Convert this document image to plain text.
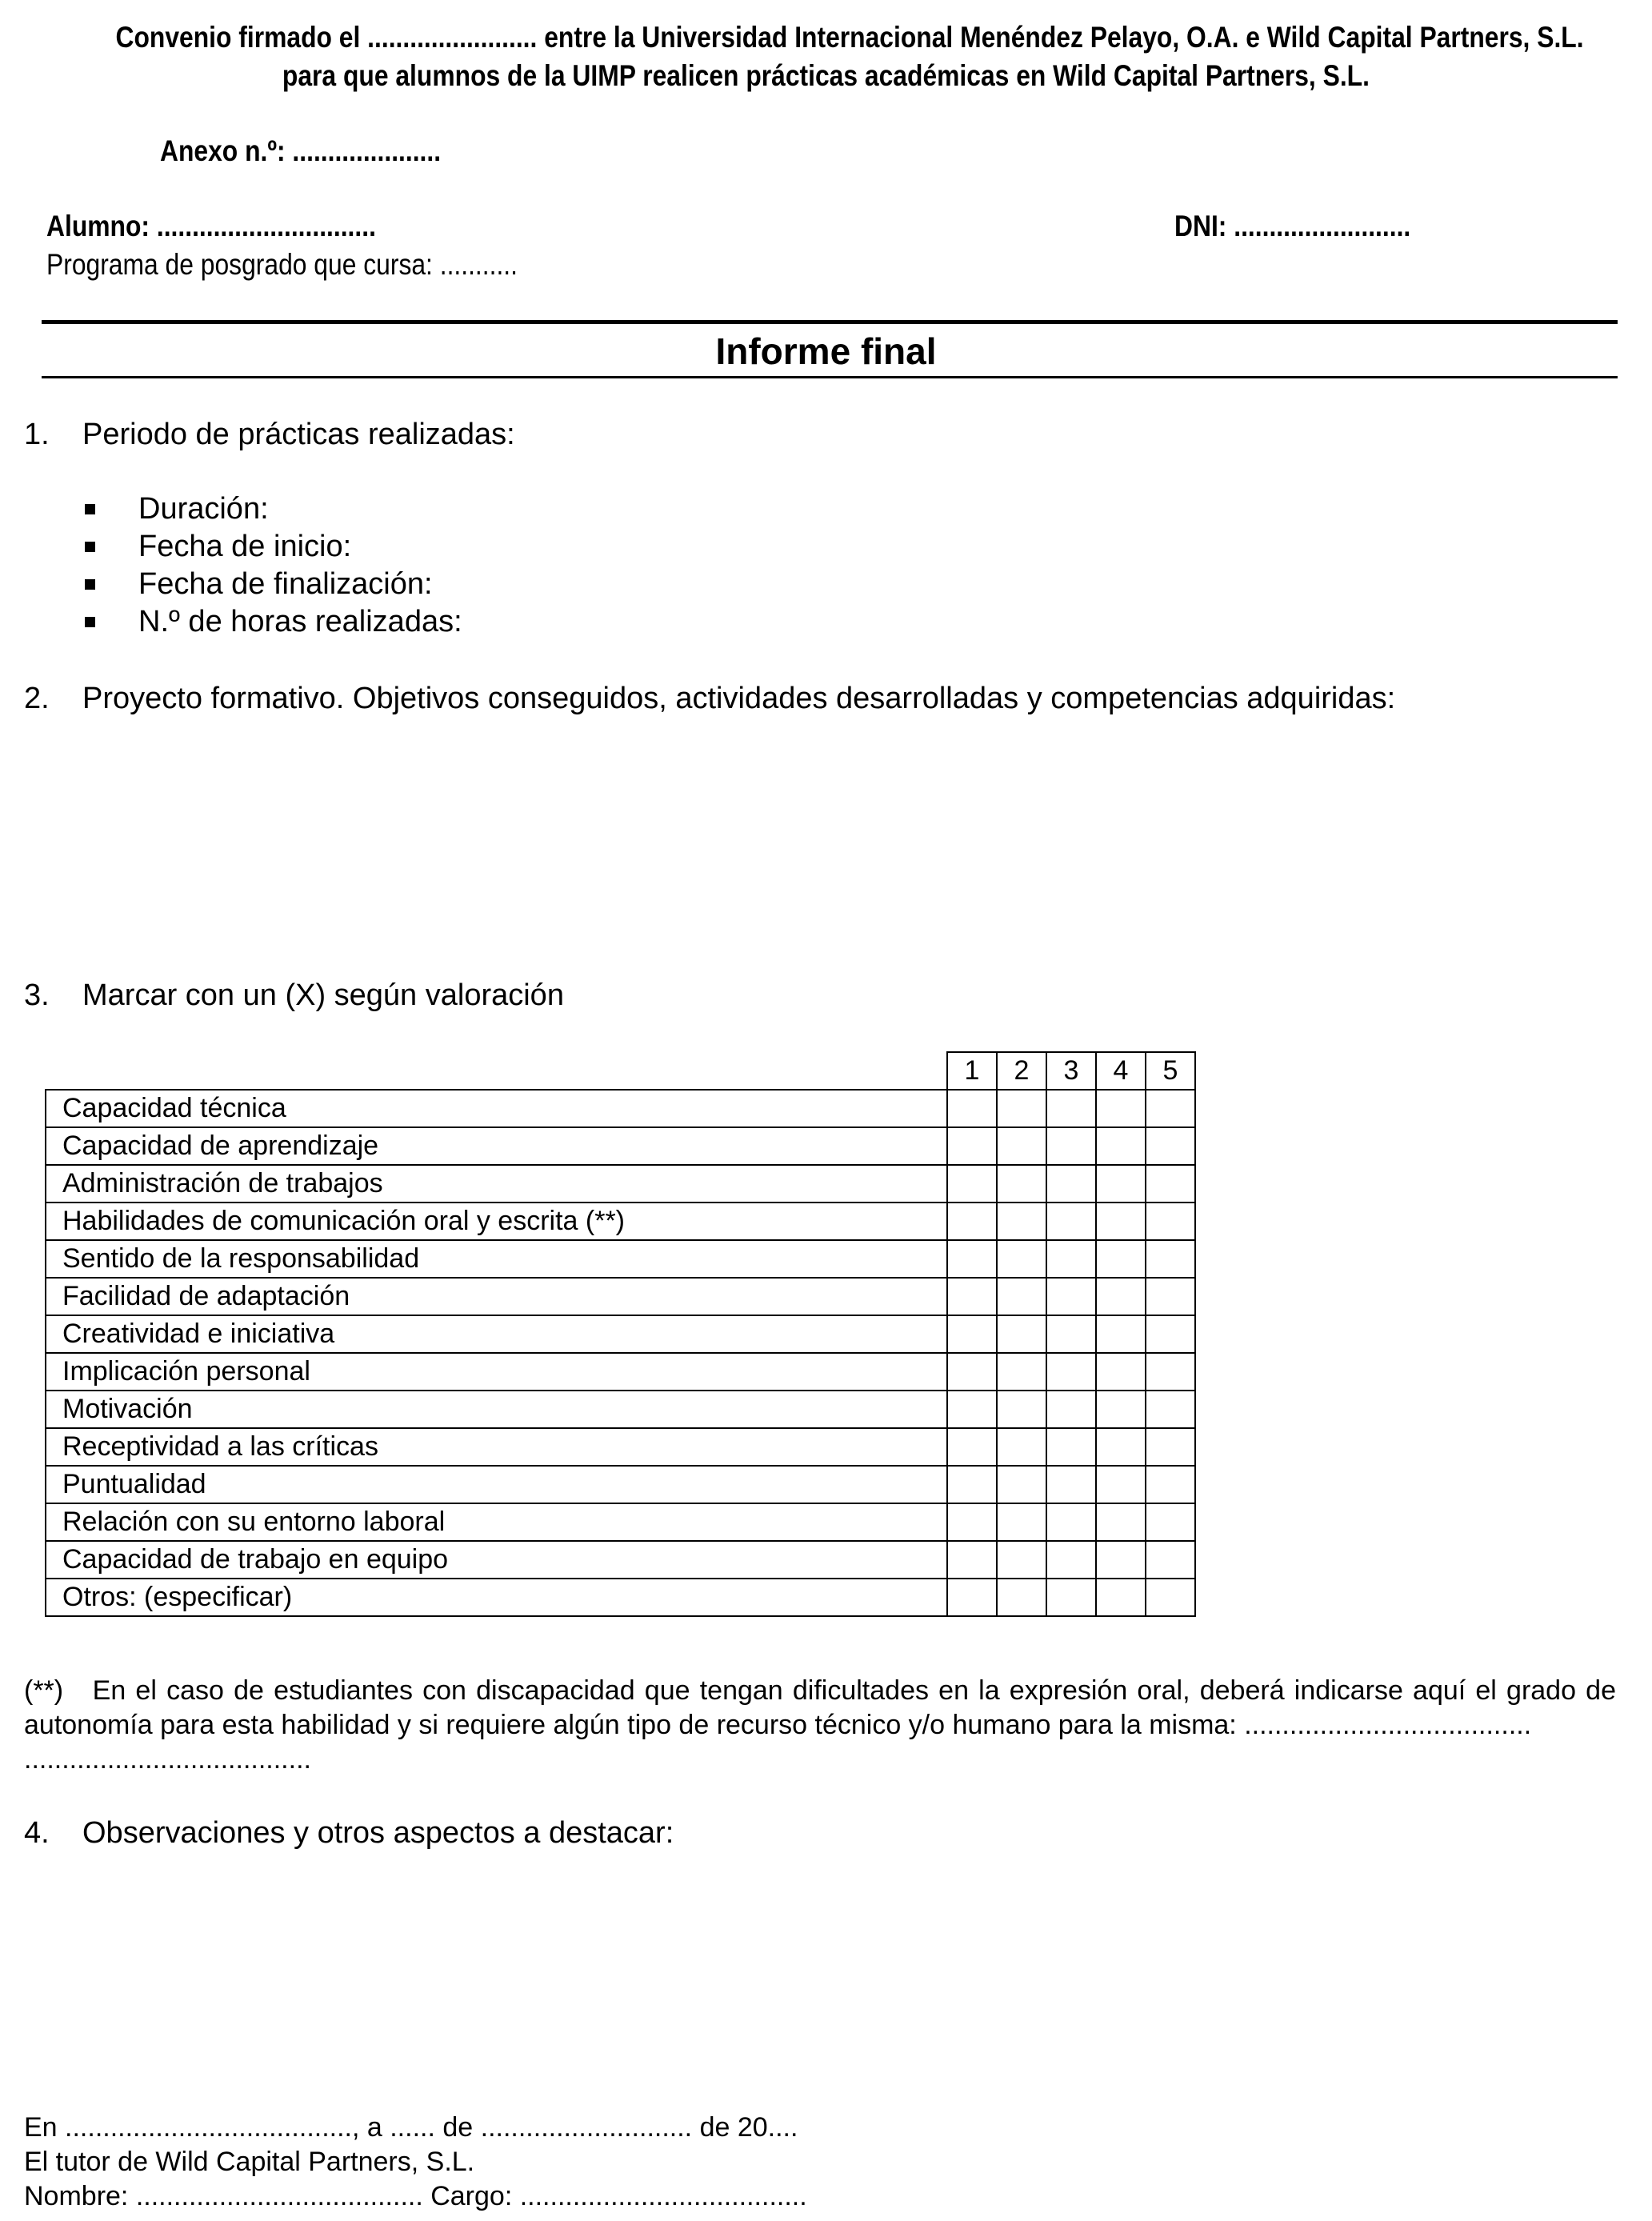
Convenio firmado el ........................ entre la Universidad Internacional Menéndez Pelayo, O.A. e Wild Capital Partners, S.L.
para que alumnos de la UIMP realicen prácticas académicas en Wild Capital Partners, S.L.
Anexo n.º: .....................
Alumno: ...............................	DNI: .........................
Programa de posgrado que cursa: ...........
Informe final
1. Periodo de prácticas realizadas:
Duración:
Fecha de inicio:
Fecha de finalización:
N.º de horas realizadas:
2. Proyecto formativo. Objetivos conseguidos, actividades desarrolladas y competencias adquiridas:
3. Marcar con un (X) según valoración
	1	2	3	4	5
Capacidad técnica					
Capacidad de aprendizaje					
Administración de trabajos					
Habilidades de comunicación oral y escrita (**)					
Sentido de la responsabilidad					
Facilidad de adaptación					
Creatividad e iniciativa					
Implicación personal					
Motivación					
Receptividad a las críticas					
Puntualidad					
Relación con su entorno laboral					
Capacidad de trabajo en equipo					
Otros: (especificar)					
(**) En el caso de estudiantes con discapacidad que tengan dificultades en la expresión oral, deberá indicarse aquí el grado de autonomía para esta habilidad y si requiere algún tipo de recurso técnico y/o humano para la misma: ......................................
......................................
4. Observaciones y otros aspectos a destacar:
En ......................................, a ...... de ............................ de 20....
El tutor de Wild Capital Partners, S.L.
Nombre: ...................................... Cargo: ......................................
